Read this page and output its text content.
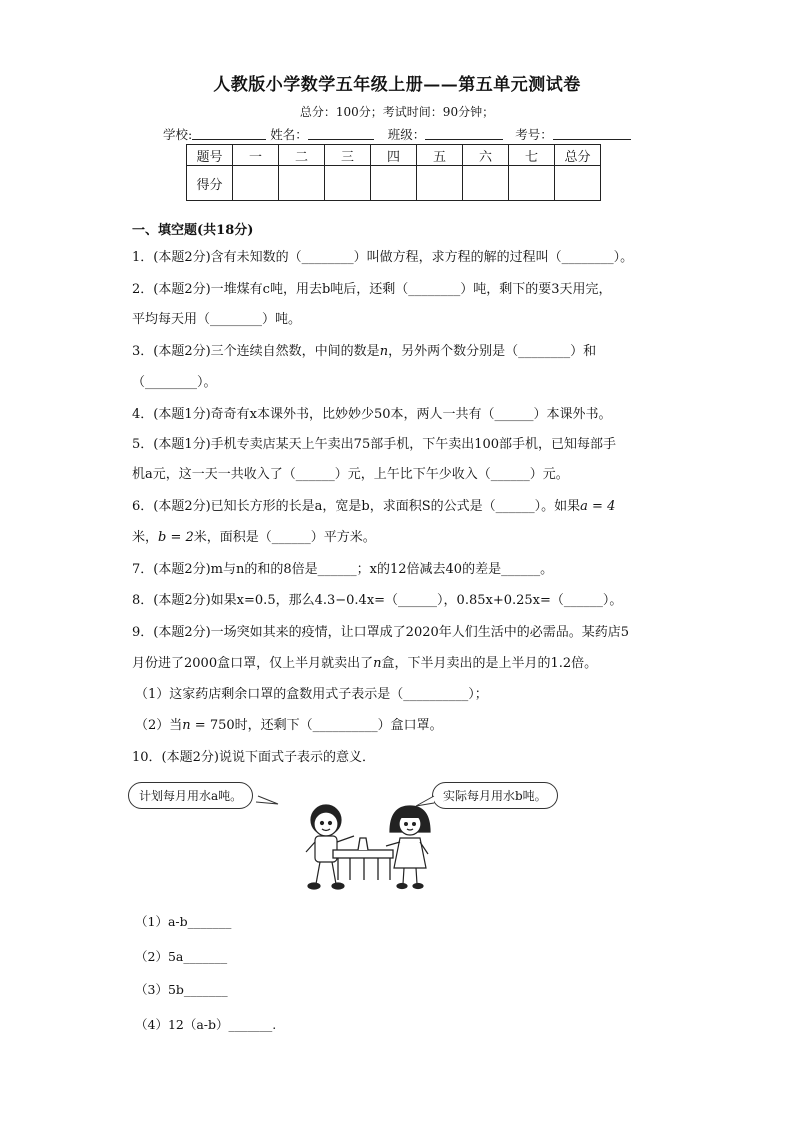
人教版小学数学五年级上册——第五单元测试卷
总分：100分；考试时间：90分钟；
学校:	姓名：	班级：	考号：
题号	一	二	三	四	五	六	七	总分
得分								
一、填空题(共18分)
1．(本题2分)含有未知数的（________）叫做方程，求方程的解的过程叫（________）。
2．(本题2分)一堆煤有c吨，用去b吨后，还剩（________）吨，剩下的要3天用完，
平均每天用（________）吨。
3．(本题2分)三个连续自然数，中间的数是n，另外两个数分别是（________）和
（________）。
4．(本题1分)奇奇有x本课外书，比妙妙少50本，两人一共有（______）本课外书。
5．(本题1分)手机专卖店某天上午卖出75部手机，下午卖出100部手机，已知每部手
机a元，这一天一共收入了（______）元，上午比下午少收入（______）元。
6．(本题2分)已知长方形的长是a，宽是b，求面积S的公式是（______）。如果a = 4
米，b = 2米，面积是（______）平方米。
7．(本题2分)m与n的和的8倍是______；x的12倍减去40的差是______。
8．(本题2分)如果x=0.5，那么4.3−0.4x=（______），0.85x+0.25x=（______）。
9．(本题2分)一场突如其来的疫情，让口罩成了2020年人们生活中的必需品。某药店5
月份进了2000盒口罩，仅上半月就卖出了n盒，下半月卖出的是上半月的1.2倍。
（1）这家药店剩余口罩的盒数用式子表示是（__________）；
（2）当n = 750时，还剩下（__________）盒口罩。
10．(本题2分)说说下面式子表示的意义．
计划每月用水a吨。	实际每月用水b吨。
（1）a-b_______
（2）5a_______
（3）5b_______
（4）12（a-b）_______.
